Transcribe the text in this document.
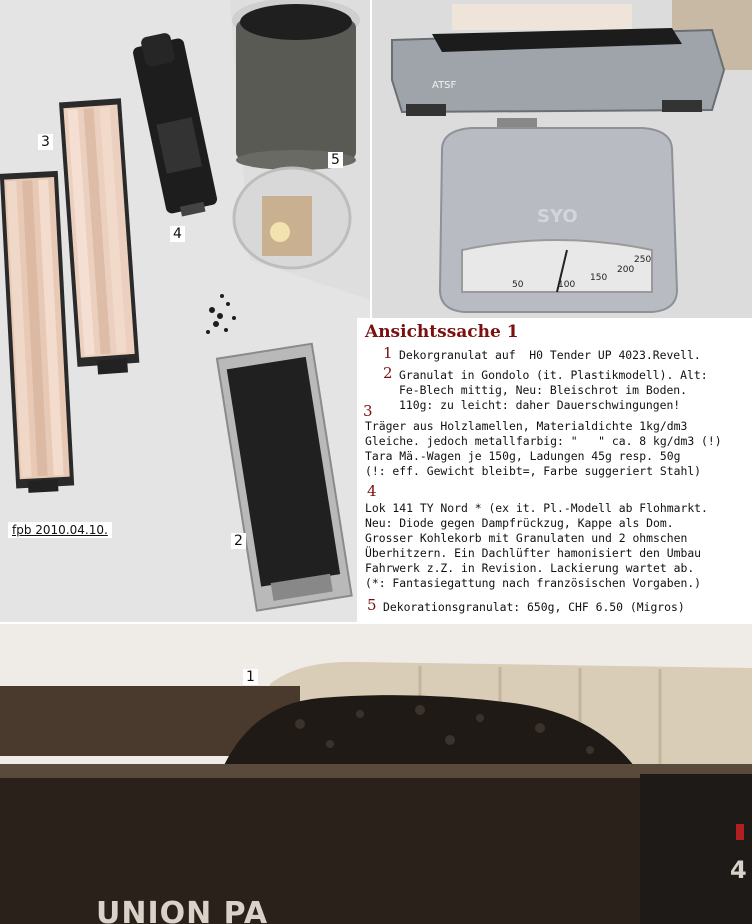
3
4
5
2
fpb 2010.04.10.
ATSF
SYO
50	100
150
200
250
Ansichtssache 1
1 Dekorgranulat auf  H0 Tender UP 4023.Revell.
2 Granulat in Gondolo (it. Plastikmodell). Alt:
Fe-Blech mittig, Neu: Bleischrot im Boden.
110g: zu leicht: daher Dauerschwingungen!
3
Träger aus Holzlamellen, Materialdichte 1kg/dm3
Gleiche. jedoch metallfarbig: "   " ca. 8 kg/dm3 (!)
Tara Mä.-Wagen je 150g, Ladungen 45g resp. 50g
(!: eff. Gewicht bleibt=, Farbe suggeriert Stahl)
4
Lok 141 TY Nord * (ex it. Pl.-Modell ab Flohmarkt.
Neu: Diode gegen Dampfrückzug, Kappe als Dom.
Grosser Kohlekorb mit Granulaten und 2 ohmschen
Überhitzern. Ein Dachlüfter hamonisiert den Umbau
Fahrwerk z.Z. in Revision. Lackierung wartet ab.
(*: Fantasiegattung nach französischen Vorgaben.)
5 Dekorationsgranulat: 650g, CHF 6.50 (Migros)
1
UNION PA
4
